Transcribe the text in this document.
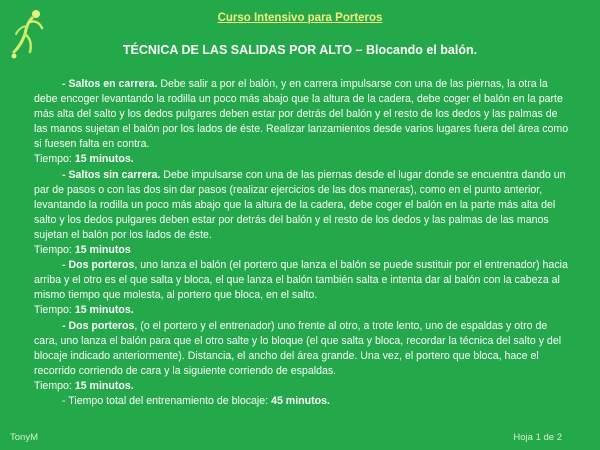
Curso Intensivo para Porteros
TÉCNICA DE LAS SALIDAS POR ALTO – Blocando el balón.

- Saltos en carrera. Debe salir a por el balón, y en carrera impulsarse con una de las piernas, la otra la debe encoger levantando la rodilla un poco más abajo que la altura de la cadera, debe coger el balón en la parte más alta del salto y los dedos pulgares deben estar por detrás del balón y el resto de los dedos y las palmas de las manos sujetan el balón por los lados de éste. Realizar lanzamientos desde varios lugares fuera del área como si fuesen falta en contra.

Tiempo: 15 minutos.

- Saltos sin carrera. Debe impulsarse con una de las piernas desde el lugar donde se encuentra dando un par de pasos o con las dos sin dar pasos (realizar ejercicios de las dos maneras), como en el punto anterior, levantando la rodilla un poco más abajo que la altura de la cadera, debe coger el balón en la parte más alta del salto y los dedos pulgares deben estar por detrás del balón y el resto de los dedos y las palmas de las manos sujetan el balón por los lados de éste.

Tiempo: 15 minutos

- Dos porteros, uno lanza el balón (el portero que lanza el balón se puede sustituir por el entrenador) hacia arriba y el otro es el que salta y bloca, el que lanza el balón también salta e intenta dar al balón con la cabeza al mismo tiempo que molesta, al portero que bloca, en el salto.

Tiempo: 15 minutos.

- Dos porteros, (o el portero y el entrenador) uno frente al otro, a trote lento, uno de espaldas y otro de cara, uno lanza el balón para que el otro salte y lo bloque (el que salta y bloca, recordar la técnica del salto y del blocaje indicado anteriormente). Distancia, el ancho del área grande. Una vez, el portero que bloca, hace el recorrido corriendo de cara y la siguiente corriendo de espaldas.

Tiempo: 15 minutos.

- Tiempo total del entrenamiento de blocaje: 45 minutos.

TonyM	Hoja 1 de 2
